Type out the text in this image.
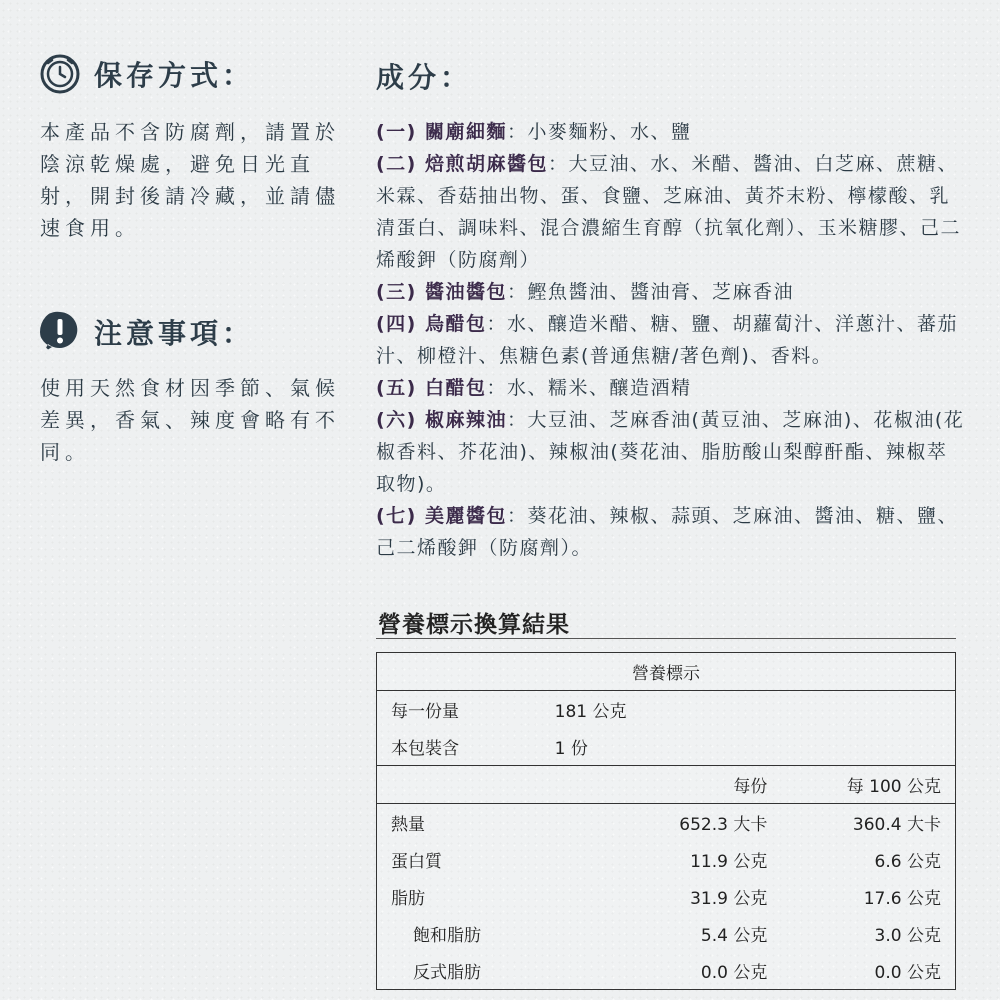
保存方式：
本產品不含防腐劑，請置於陰涼乾燥處，避免日光直射，開封後請冷藏，並請儘速食用。
注意事項：
使用天然食材因季節、氣候差異，香氣、辣度會略有不同。
成分：
(一) 關廟細麵：小麥麵粉、水、鹽
(二) 焙煎胡麻醬包：大豆油、水、米醋、醬油、白芝麻、蔗糖、米霖、香菇抽出物、蛋、食鹽、芝麻油、黃芥末粉、檸檬酸、乳清蛋白、調味料、混合濃縮生育醇（抗氧化劑）、玉米糖膠、己二烯酸鉀（防腐劑）
(三) 醬油醬包：鰹魚醬油、醬油膏、芝麻香油
(四) 烏醋包：水、釀造米醋、糖、鹽、胡蘿蔔汁、洋蔥汁、蕃茄汁、柳橙汁、焦糖色素(普通焦糖/著色劑)、香料。
(五) 白醋包：水、糯米、釀造酒精
(六) 椒麻辣油：大豆油、芝麻香油(黃豆油、芝麻油)、花椒油(花椒香料、芥花油)、辣椒油(葵花油、脂肪酸山梨醇酐酯、辣椒萃取物)。
(七) 美麗醬包：葵花油、辣椒、蒜頭、芝麻油、醬油、糖、鹽、己二烯酸鉀（防腐劑）。
營養標示換算結果
營養標示		
每一份量	181 公克	
本包裝含	1 份	
	每份	每 100 公克
熱量	652.3 大卡	360.4 大卡
蛋白質	11.9 公克	6.6 公克
脂肪	31.9 公克	17.6 公克
飽和脂肪	5.4 公克	3.0 公克
反式脂肪	0.0 公克	0.0 公克
